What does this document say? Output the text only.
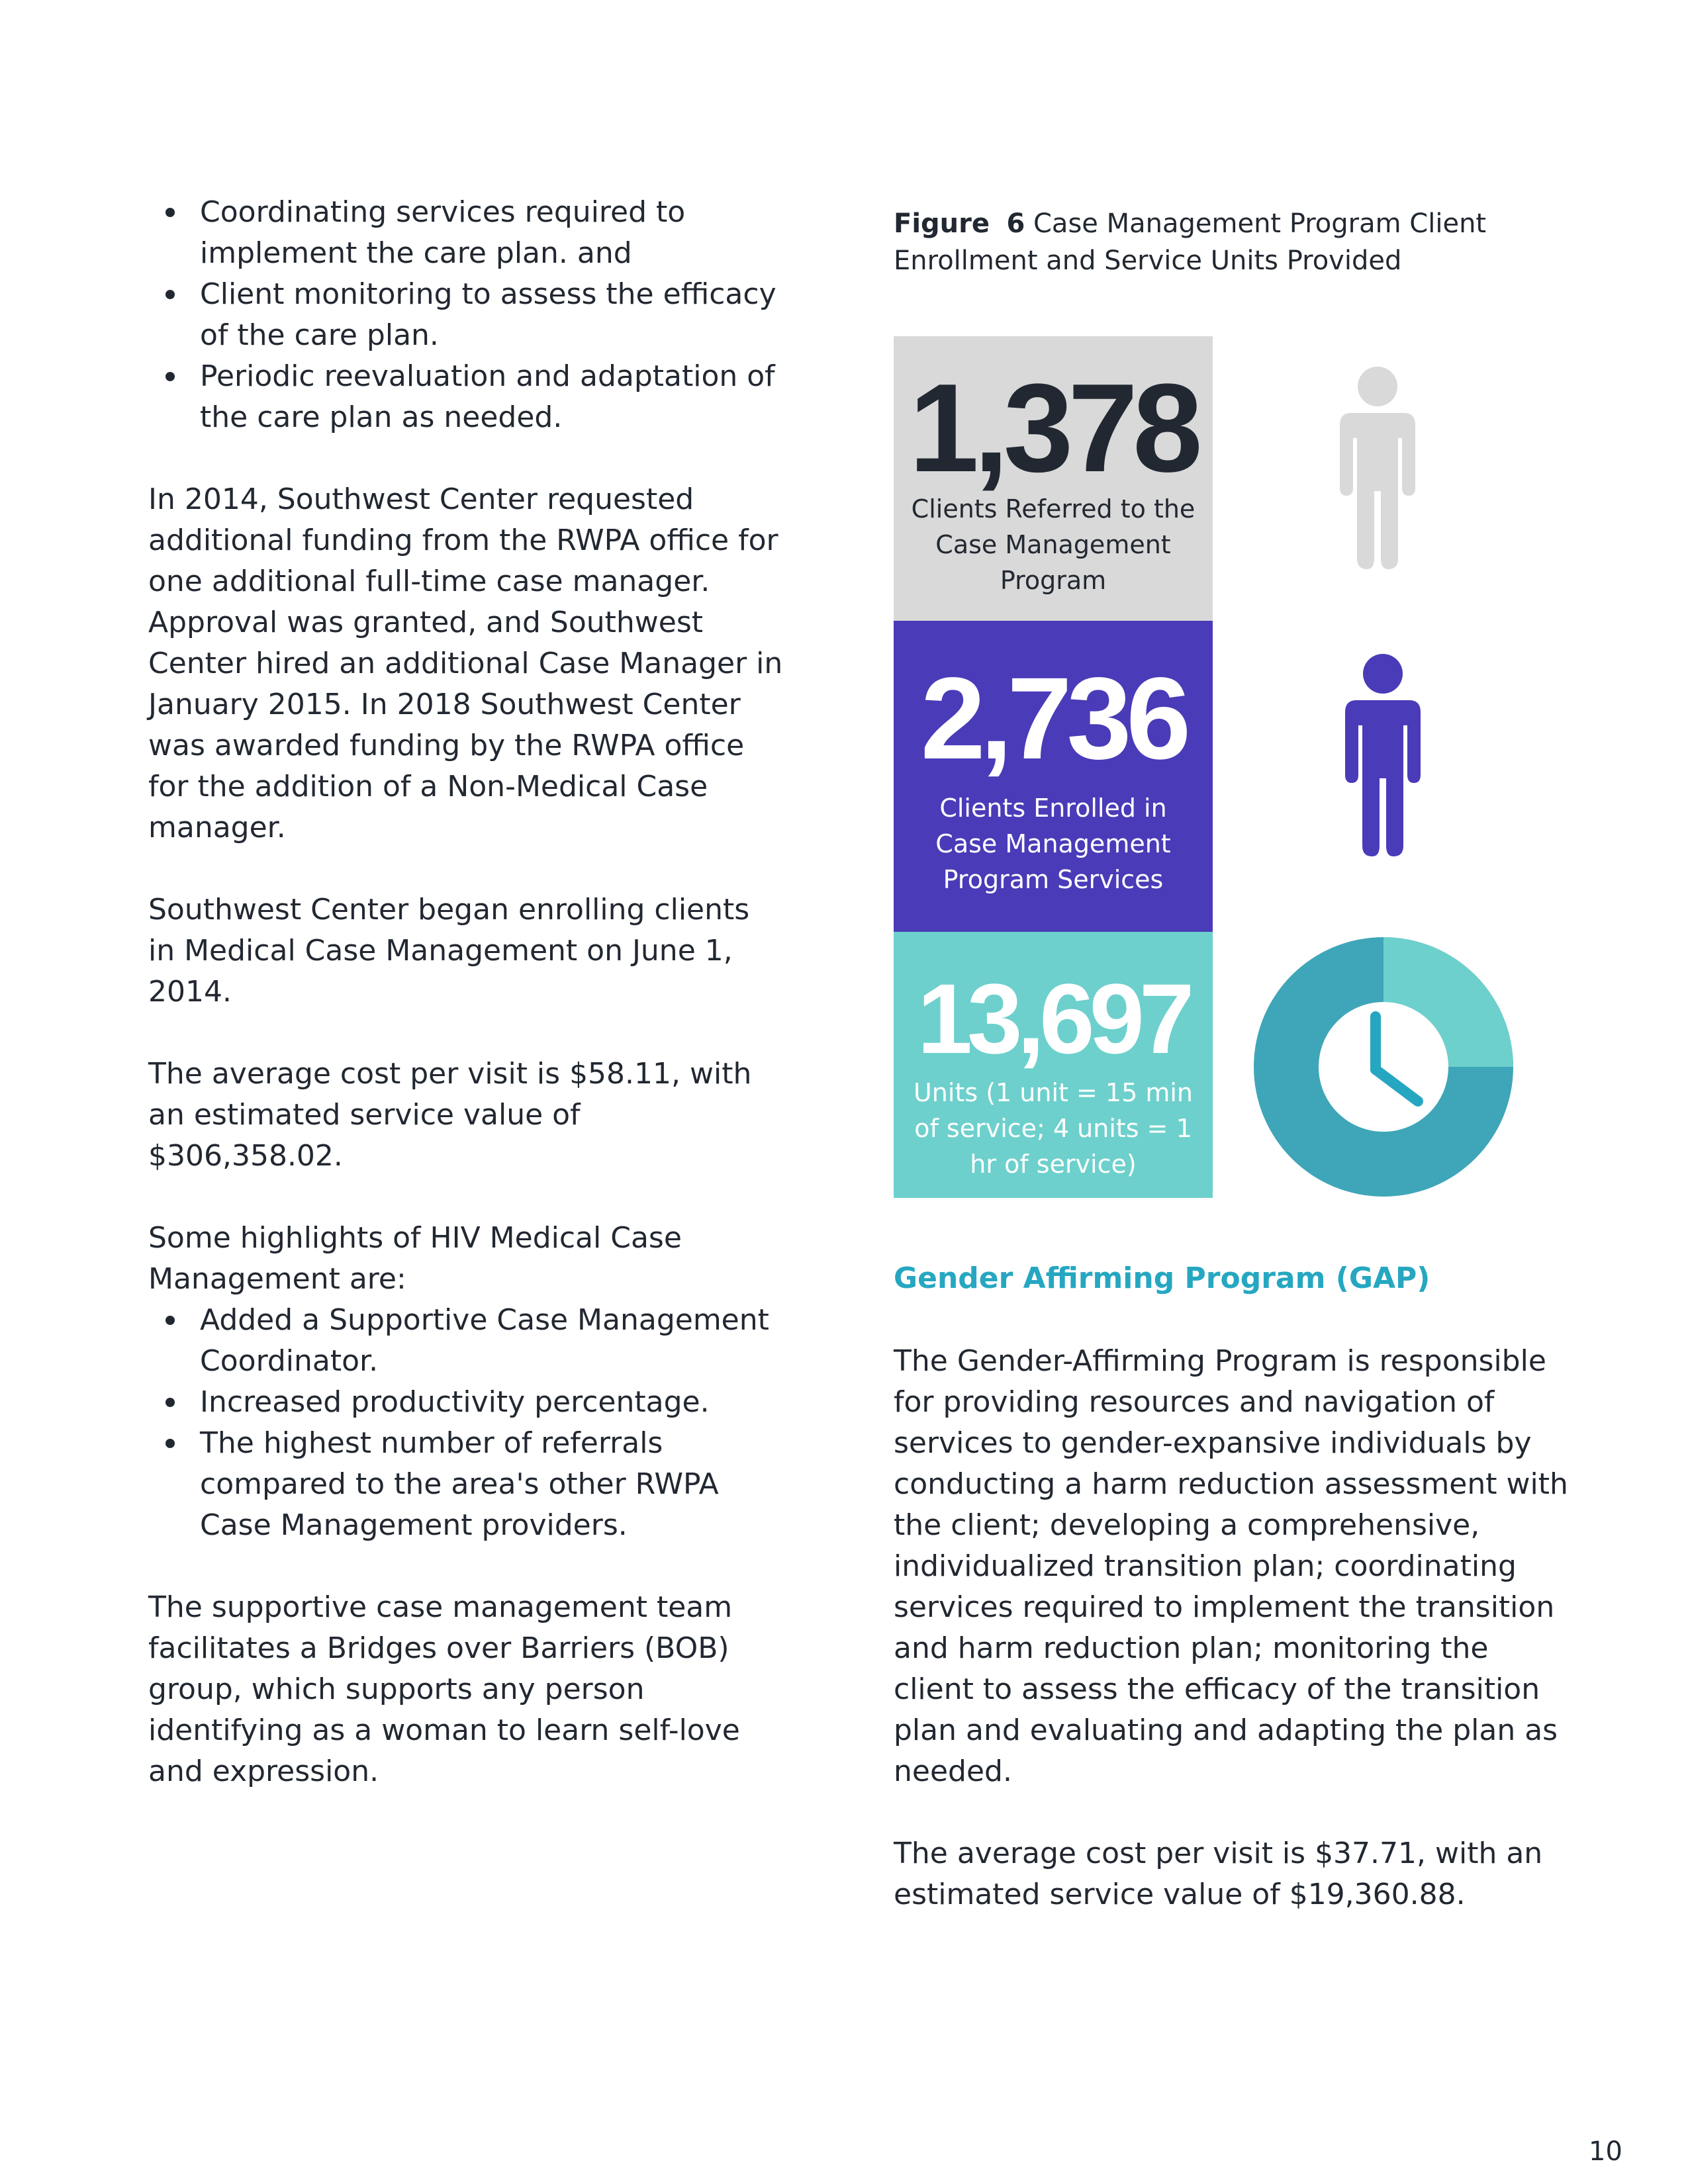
Coordinating services required to implement the care plan. and
Client monitoring to assess the efficacy of the care plan.
Periodic reevaluation and adaptation of the care plan as needed.

In 2014, Southwest Center requested additional funding from the RWPA office for one additional full-time case manager. Approval was granted, and Southwest Center hired an additional Case Manager in January 2015. In 2018 Southwest Center was awarded funding by the RWPA office for the addition of a Non-Medical Case manager.

Southwest Center began enrolling clients in Medical Case Management on June 1, 2014.

The average cost per visit is $58.11, with an estimated service value of $306,358.02.

Some highlights of HIV Medical Case Management are:

Added a Supportive Case Management Coordinator.
Increased productivity percentage.
The highest number of referrals compared to the area's other RWPA Case Management providers.

The supportive case management team facilitates a Bridges over Barriers (BOB) group, which supports any person identifying as a woman to learn self-love and expression.

Figure 6 Case Management Program Client Enrollment and Service Units Provided

1,378
Clients Referred to the Case Management Program
2,736
Clients Enrolled in Case Management Program Services
13,697
Units (1 unit = 15 min of service; 4 units = 1 hr of service)
Gender Affirming Program (GAP)

The Gender-Affirming Program is responsible for providing resources and navigation of services to gender-expansive individuals by conducting a harm reduction assessment with the client; developing a comprehensive, individualized transition plan; coordinating services required to implement the transition and harm reduction plan; monitoring the client to assess the efficacy of the transition plan and evaluating and adapting the plan as needed.

The average cost per visit is $37.71, with an estimated service value of $19,360.88.

10
